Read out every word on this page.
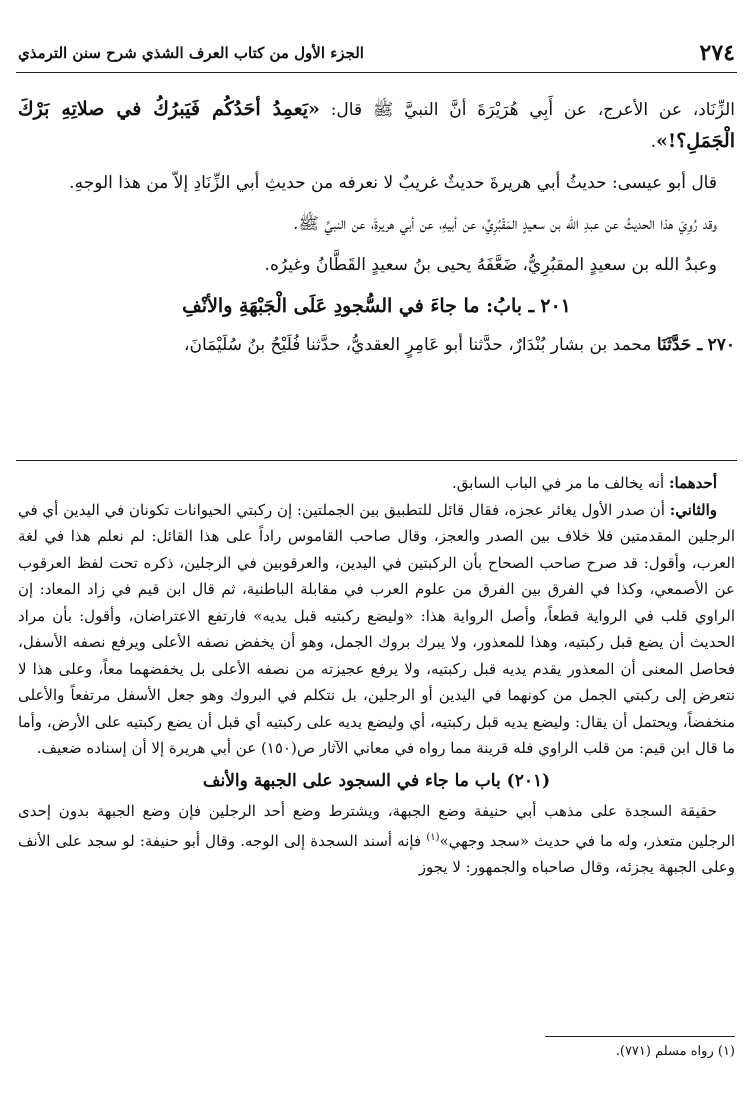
٢٧٤
الجزء الأول من كتاب العرف الشذي شرح سنن الترمذي

الزِّنَاد، عن الأعرج، عن أَبِي هُرَيْرَةَ أنَّ النبيَّ ﷺ قال: «يَعمِدُ أحَدُكُم فَيَبرُكُ في صلاتِهِ بَرْكَ الْجَمَلِ؟!».

قال أبو عيسى: حديثُ أبي هريرةَ حديثٌ غريبٌ لا نعرفه من حديثِ أبي الزِّنَادِ إلاّ من هذا الوجهِ.

وقد رُوِيَ هذا الحديثُ عن عبدِ الله بن سعيدٍ المَقْبُرِيِّ، عن أبيهِ، عن أبي هريرةَ، عن النبيِّ ﷺ.

وعبدُ الله بن سعيدٍ المقبُرِيُّ، ضَعَّفَهُ يحيى بنُ سعيدٍ القَطَّانُ وغيرُه.

٢٠١ـ بابُ: ما جاءَ في السُّجودِ عَلَى الْجَبْهَةِ والأنْفِ

٢٧٠ ـ حَدَّثَنَا محمد بن بشار بُنْدَارٌ، حدَّثنا أبو عَامِرٍ العقديُّ، حدَّثنا فُلَيْحُ بنُ سُلَيْمَانَ،

أحدهما: أنه يخالف ما مر في الباب السابق.

والثاني: أن صدر الأول يغائر عجزه، فقال قائل للتطبيق بين الجملتين: إن ركبتي الحيوانات تكونان في اليدين أي في الرجلين المقدمتين فلا خلاف بين الصدر والعجز، وقال صاحب القاموس راداً على هذا القائل: لم نعلم هذا في لغة العرب، وأقول: قد صرح صاحب الصحاح بأن الركبتين في اليدين، والعرقوبين في الرجلين، ذكره تحت لفظ العرقوب عن الأصمعي، وكذا في الفرق بين الفرق من علوم العرب في مقابلة الباطنية، ثم قال ابن قيم في زاد المعاد: إن الراوي قلب في الرواية قطعاً، وأصل الرواية هذا: «وليضع ركبتيه قبل يديه» فارتفع الاعتراضان، وأقول: بأن مراد الحديث أن يضع قبل ركبتيه، وهذا للمعذور، ولا يبرك بروك الجمل، وهو أن يخفض نصفه الأعلى ويرفع نصفه الأسفل، فحاصل المعنى أن المعذور يقدم يديه قبل ركبتيه، ولا يرفع عجيزته من نصفه الأعلى بل يخفضهما معاً، وعلى هذا لا نتعرض إلى ركبتي الجمل من كونهما في اليدين أو الرجلين، بل نتكلم في البروك وهو جعل الأسفل مرتفعاً والأعلى منخفضاً، ويحتمل أن يقال: وليضع يديه قبل ركبتيه، أي وليضع يديه على ركبتيه أي قبل أن يضع ركبتيه على الأرض، وأما ما قال ابن قيم: من قلب الراوي فله قرينة مما رواه في معاني الآثار ص(١٥٠) عن أبي هريرة إلا أن إسناده ضعيف.

(٢٠١) باب ما جاء في السجود على الجبهة والأنف

حقيقة السجدة على مذهب أبي حنيفة وضع الجبهة، ويشترط وضع أحد الرجلين فإن وضع الجبهة بدون إحدى الرجلين متعذر، وله ما في حديث «سجد وجهي»$^{(١)}$ فإنه أسند السجدة إلى الوجه. وقال أبو حنيفة: لو سجد على الأنف وعلى الجبهة يجزئه، وقال صاحباه والجمهور: لا يجوز

(١) رواه مسلم (٧٧١).
